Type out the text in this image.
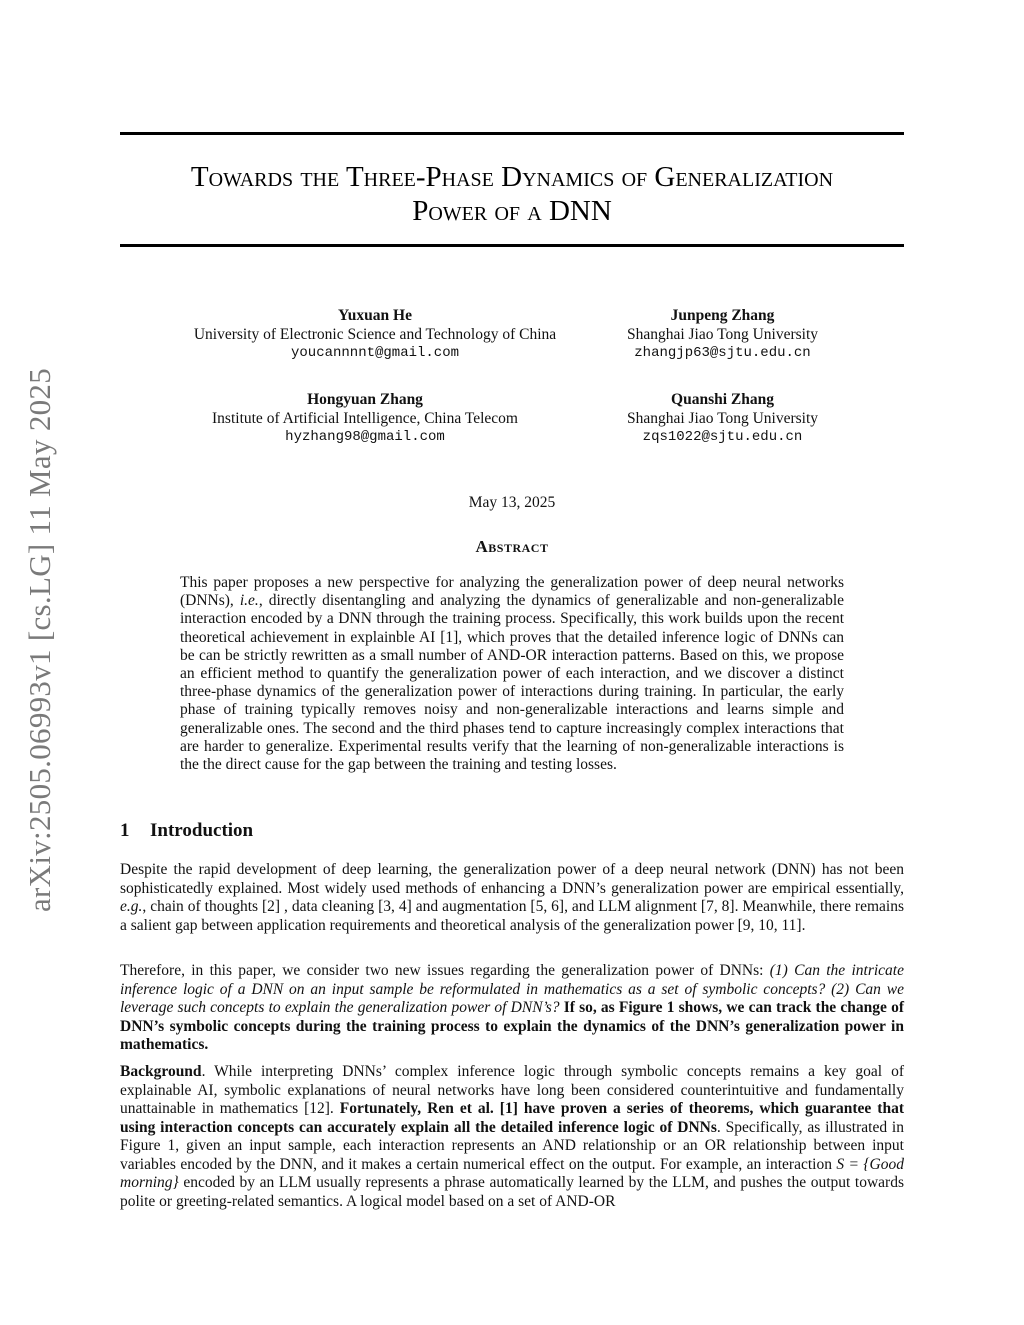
arXiv:2505.06993v1 [cs.LG] 11 May 2025
Towards the Three-Phase Dynamics of Generalization
Power of a DNN
Yuxuan He
University of Electronic Science and Technology of China
youcannnnt@gmail.com
Junpeng Zhang
Shanghai Jiao Tong University
zhangjp63@sjtu.edu.cn
Hongyuan Zhang
Institute of Artificial Intelligence, China Telecom
hyzhang98@gmail.com
Quanshi Zhang
Shanghai Jiao Tong University
zqs1022@sjtu.edu.cn
May 13, 2025
Abstract
This paper proposes a new perspective for analyzing the generalization power of deep neural networks (DNNs), i.e., directly disentangling and analyzing the dynamics of generalizable and non-generalizable interaction encoded by a DNN through the training process. Specifically, this work builds upon the recent theoretical achievement in explainble AI [1], which proves that the detailed inference logic of DNNs can be can be strictly rewritten as a small number of AND-OR interaction patterns. Based on this, we propose an efficient method to quantify the generalization power of each interaction, and we discover a distinct three-phase dynamics of the generalization power of interactions during training. In particular, the early phase of training typically removes noisy and non-generalizable interactions and learns simple and generalizable ones. The second and the third phases tend to capture increasingly complex interactions that are harder to generalize. Experimental results verify that the learning of non-generalizable interactions is the the direct cause for the gap between the training and testing losses.
1 Introduction
Despite the rapid development of deep learning, the generalization power of a deep neural network (DNN) has not been sophisticatedly explained. Most widely used methods of enhancing a DNN’s generalization power are empirical essentially, e.g., chain of thoughts [2] , data cleaning [3, 4] and augmentation [5, 6], and LLM alignment [7, 8]. Meanwhile, there remains a salient gap between application requirements and theoretical analysis of the generalization power [9, 10, 11].
Therefore, in this paper, we consider two new issues regarding the generalization power of DNNs: (1) Can the intricate inference logic of a DNN on an input sample be reformulated in mathematics as a set of symbolic concepts? (2) Can we leverage such concepts to explain the generalization power of DNN’s? If so, as Figure 1 shows, we can track the change of DNN’s symbolic concepts during the training process to explain the dynamics of the DNN’s generalization power in mathematics.
Background. While interpreting DNNs’ complex inference logic through symbolic concepts remains a key goal of explainable AI, symbolic explanations of neural networks have long been considered counterintuitive and fundamentally unattainable in mathematics [12]. Fortunately, Ren et al. [1] have proven a series of theorems, which guarantee that using interaction concepts can accurately explain all the detailed inference logic of DNNs. Specifically, as illustrated in Figure 1, given an input sample, each interaction represents an AND relationship or an OR relationship between input variables encoded by the DNN, and it makes a certain numerical effect on the output. For example, an interaction S = {Good morning} encoded by an LLM usually represents a phrase automatically learned by the LLM, and pushes the output towards polite or greeting-related semantics. A logical model based on a set of AND-OR
